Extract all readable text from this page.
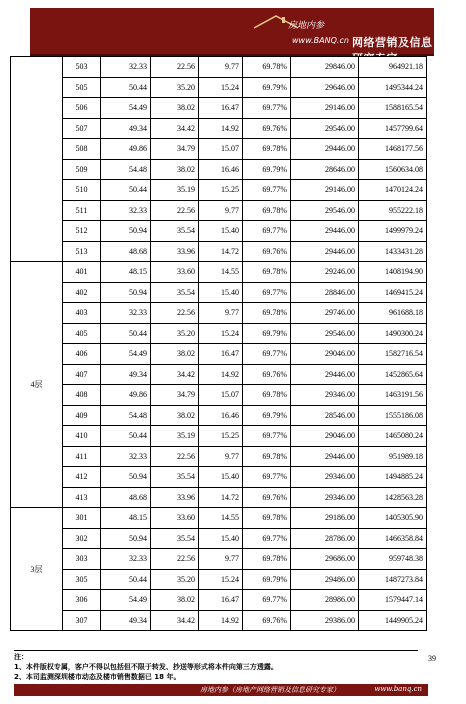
房地内参
www.BANQ.cn 网络营销及信息研究专家
	503	32.33	22.56	9.77	69.78%	29846.00	964921.18
	505	50.44	35.20	15.24	69.79%	29646.00	1495344.24
	506	54.49	38.02	16.47	69.77%	29146.00	1588165.54
	507	49.34	34.42	14.92	69.76%	29546.00	1457799.64
	508	49.86	34.79	15.07	69.78%	29446.00	1468177.56
	509	54.48	38.02	16.46	69.79%	28646.00	1560634.08
	510	50.44	35.19	15.25	69.77%	29146.00	1470124.24
	511	32.33	22.56	9.77	69.78%	29546.00	955222.18
	512	50.94	35.54	15.40	69.77%	29446.00	1499979.24
	513	48.68	33.96	14.72	69.76%	29446.00	1433431.28
4层	401	48.15	33.60	14.55	69.78%	29246.00	1408194.90
	402	50.94	35.54	15.40	69.77%	28846.00	1469415.24
	403	32.33	22.56	9.77	69.78%	29746.00	961688.18
	405	50.44	35.20	15.24	69.79%	29546.00	1490300.24
	406	54.49	38.02	16.47	69.77%	29046.00	1582716.54
	407	49.34	34.42	14.92	69.76%	29446.00	1452865.64
	408	49.86	34.79	15.07	69.78%	29346.00	1463191.56
	409	54.48	38.02	16.46	69.79%	28546.00	1555186.08
	410	50.44	35.19	15.25	69.77%	29046.00	1465080.24
	411	32.33	22.56	9.77	69.78%	29446.00	951989.18
	412	50.94	35.54	15.40	69.77%	29346.00	1494885.24
	413	48.68	33.96	14.72	69.76%	29346.00	1428563.28
3层	301	48.15	33.60	14.55	69.78%	29186.00	1405305.90
	302	50.94	35.54	15.40	69.77%	28786.00	1466358.84
	303	32.33	22.56	9.77	69.78%	29686.00	959748.38
	305	50.44	35.20	15.24	69.79%	29486.00	1487273.84
	306	54.49	38.02	16.47	69.77%	28986.00	1579447.14
	307	49.34	34.42	14.92	69.76%	29386.00	1449905.24
注：
1、本件版权专属，客户不得以包括但不限于转发、抄送等形式将本件向第三方透露。
2、本司监测深圳楼市动态及楼市销售数据已 18 年。
39
房地内参（房地产网络营销及信息研究专家）	www.banq.cn
